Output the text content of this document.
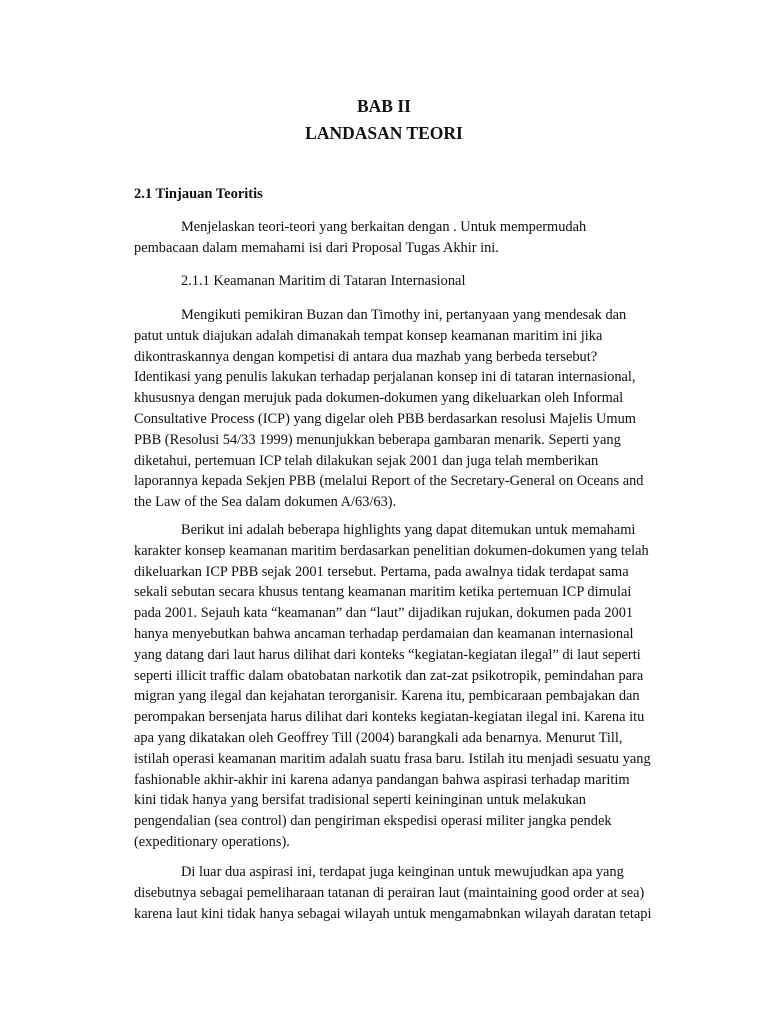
BAB II
LANDASAN TEORI
2.1 Tinjauan Teoritis

Menjelaskan teori-teori yang berkaitan dengan . Untuk mempermudah
pembacaan dalam memahami isi dari Proposal Tugas Akhir ini.

2.1.1 Keamanan Maritim di Tataran Internasional

Mengikuti pemikiran Buzan dan Timothy ini, pertanyaan yang mendesak dan
patut untuk diajukan adalah dimanakah tempat konsep keamanan maritim ini jika
dikontraskannya dengan kompetisi di antara dua mazhab yang berbeda tersebut?
Identikasi yang penulis lakukan terhadap perjalanan konsep ini di tataran internasional,
khususnya dengan merujuk pada dokumen-dokumen yang dikeluarkan oleh Informal
Consultative Process (ICP) yang digelar oleh PBB berdasarkan resolusi Majelis Umum
PBB (Resolusi 54/33 1999) menunjukkan beberapa gambaran menarik. Seperti yang
diketahui, pertemuan ICP telah dilakukan sejak 2001 dan juga telah memberikan
laporannya kepada Sekjen PBB (melalui Report of the Secretary-General on Oceans and
the Law of the Sea dalam dokumen A/63/63).

Berikut ini adalah beberapa highlights yang dapat ditemukan untuk memahami
karakter konsep keamanan maritim berdasarkan penelitian dokumen-dokumen yang telah
dikeluarkan ICP PBB sejak 2001 tersebut. Pertama, pada awalnya tidak terdapat sama
sekali sebutan secara khusus tentang keamanan maritim ketika pertemuan ICP dimulai
pada 2001. Sejauh kata “keamanan” dan “laut” dijadikan rujukan, dokumen pada 2001
hanya menyebutkan bahwa ancaman terhadap perdamaian dan keamanan internasional
yang datang dari laut harus dilihat dari konteks “kegiatan-kegiatan ilegal” di laut seperti
seperti illicit traffic dalam obatobatan narkotik dan zat-zat psikotropik, pemindahan para
migran yang ilegal dan kejahatan terorganisir. Karena itu, pembicaraan pembajakan dan
perompakan bersenjata harus dilihat dari konteks kegiatan-kegiatan ilegal ini. Karena itu
apa yang dikatakan oleh Geoffrey Till (2004) barangkali ada benarnya. Menurut Till,
istilah operasi keamanan maritim adalah suatu frasa baru. Istilah itu menjadi sesuatu yang
fashionable akhir-akhir ini karena adanya pandangan bahwa aspirasi terhadap maritim
kini tidak hanya yang bersifat tradisional seperti keininginan untuk melakukan
pengendalian (sea control) dan pengiriman ekspedisi operasi militer jangka pendek
(expeditionary operations).

Di luar dua aspirasi ini, terdapat juga keinginan untuk mewujudkan apa yang
disebutnya sebagai pemeliharaan tatanan di perairan laut (maintaining good order at sea)
karena laut kini tidak hanya sebagai wilayah untuk mengamabnkan wilayah daratan tetapi
